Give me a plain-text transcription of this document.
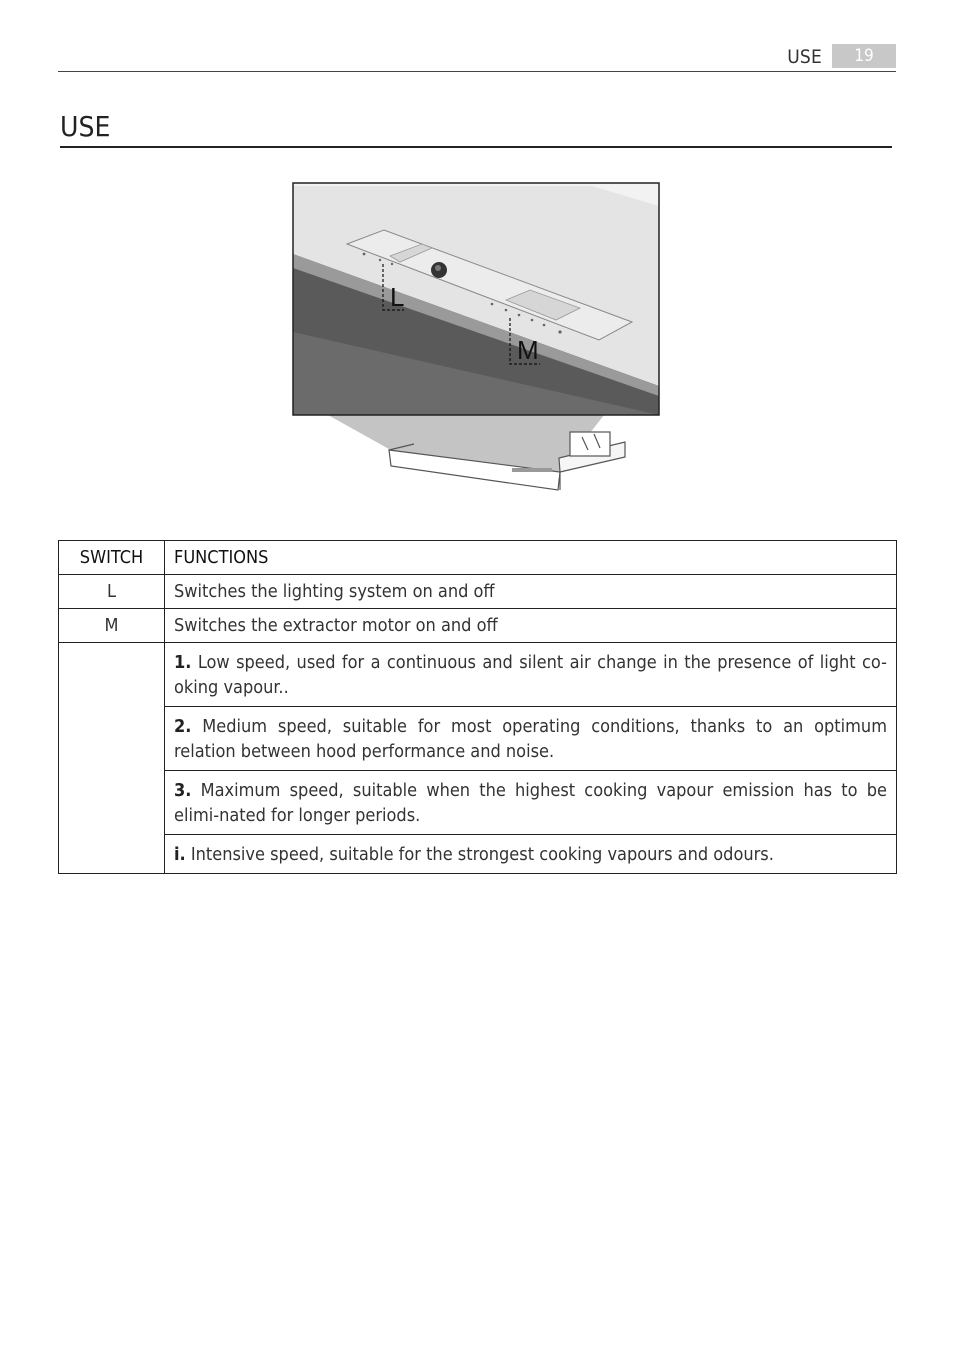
USE	19
USE
L
M
SWITCH	FUNCTIONS
L	Switches the lighting system on and off
M	Switches the extractor motor on and off
	1. Low speed, used for a continuous and silent air change in the presence of light co-oking vapour..
	2. Medium speed, suitable for most operating conditions, thanks to an optimum relation between hood performance and noise.
	3. Maximum speed, suitable when the highest cooking vapour emission has to be elimi-nated for longer periods.
	i. Intensive speed, suitable for the strongest cooking vapours and odours.
